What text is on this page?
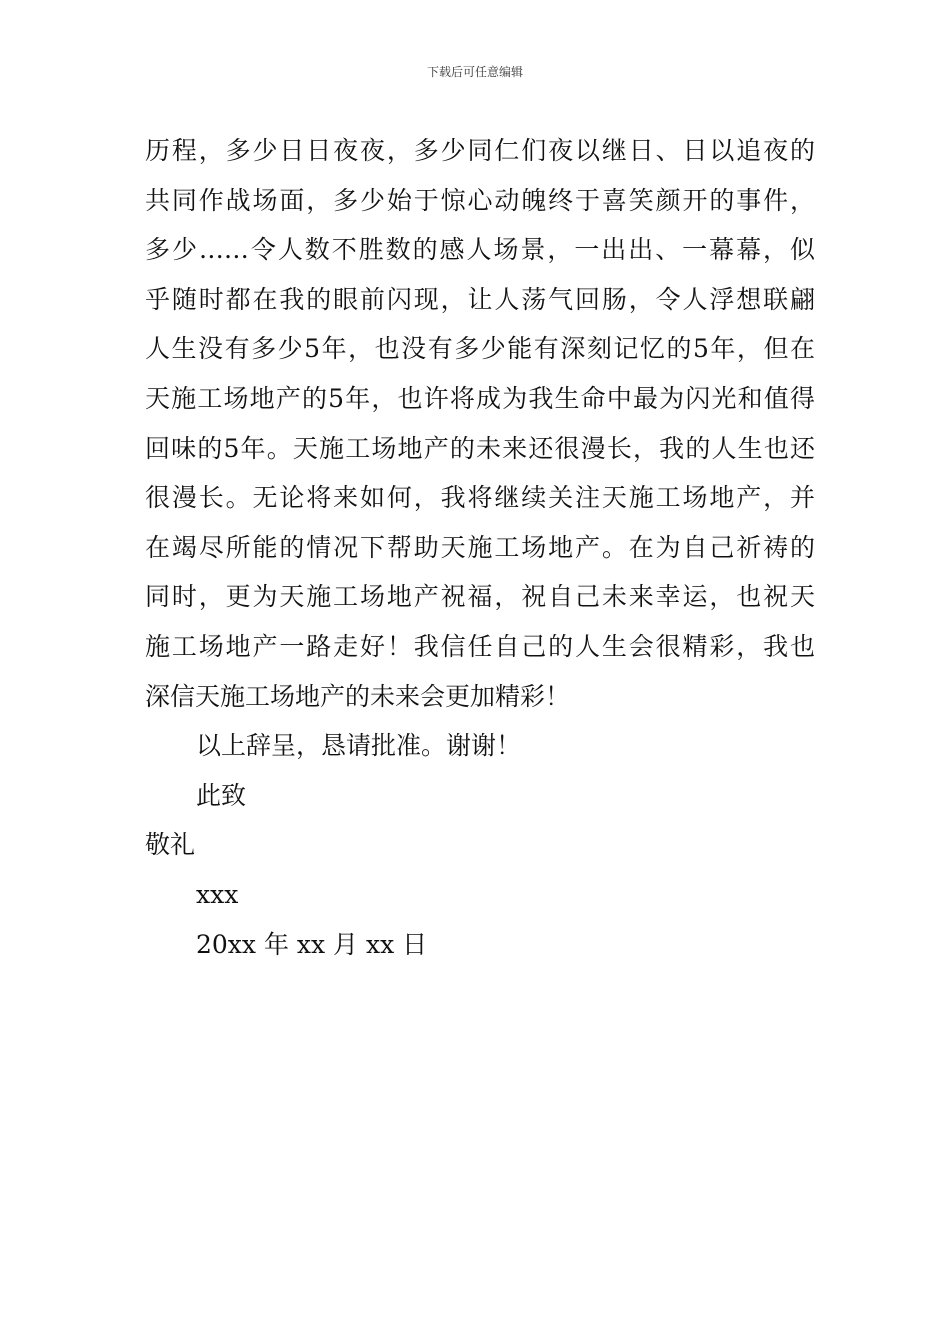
下载后可任意编辑
历程，多少日日夜夜，多少同仁们夜以继日、日以追夜的
共同作战场面，多少始于惊心动魄终于喜笑颜开的事件，
多少……令人数不胜数的感人场景，一出出、一幕幕，似
乎随时都在我的眼前闪现，让人荡气回肠，令人浮想联翩
人生没有多少5年，也没有多少能有深刻记忆的5年，但在
天施工场地产的5年，也许将成为我生命中最为闪光和值得
回味的5年。天施工场地产的未来还很漫长，我的人生也还
很漫长。无论将来如何，我将继续关注天施工场地产，并
在竭尽所能的情况下帮助天施工场地产。在为自己祈祷的
同时，更为天施工场地产祝福，祝自己未来幸运，也祝天
施工场地产一路走好！我信任自己的人生会很精彩，我也
深信天施工场地产的未来会更加精彩！
以上辞呈，恳请批准。谢谢！
此致
敬礼
xxx
20xx 年 xx 月 xx 日
